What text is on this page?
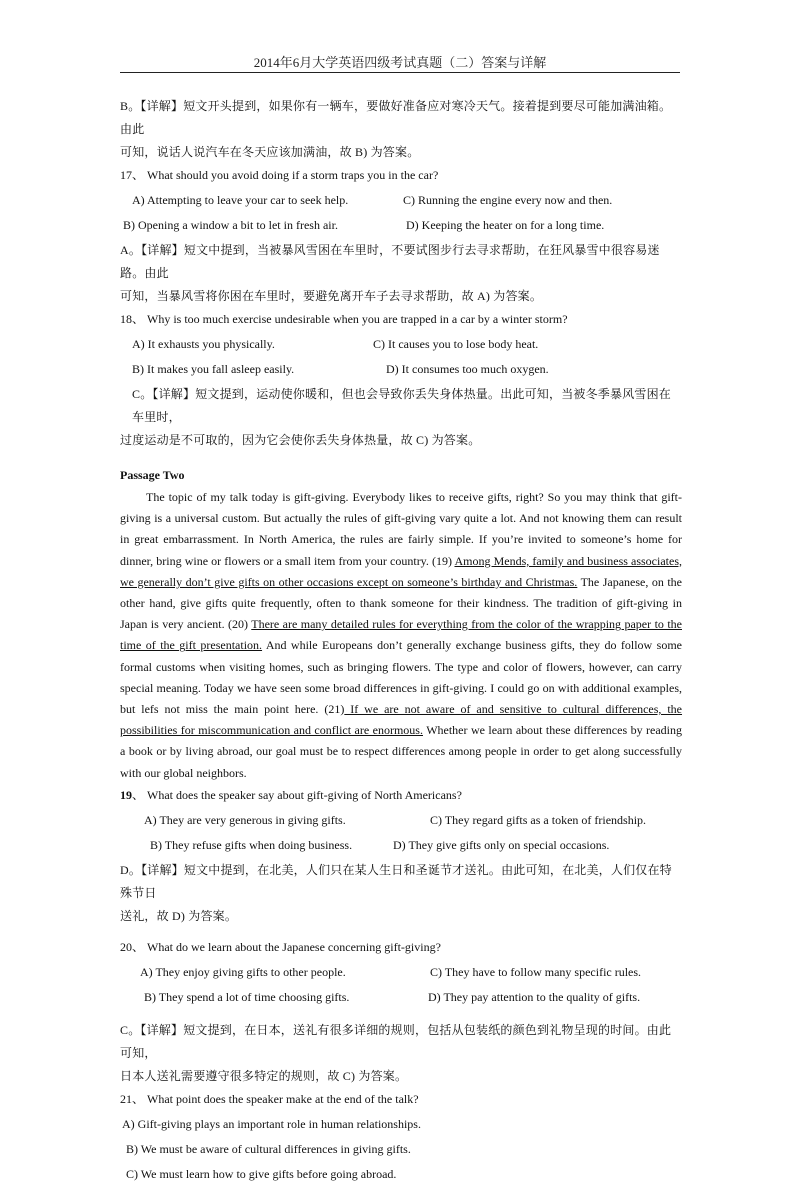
2014年6月大学英语四级考试真题（二）答案与详解

B。【详解】短文开头提到，如果你有一辆车，要做好准备应对寒冷天气。接着提到要尽可能加满油箱。 由此

可知，说话人说汽车在冬天应该加满油，故 B) 为答案。

17、 What should you avoid doing if a storm traps you in the car?

A) Attempting to leave your car to seek help.	C) Running the engine every now and then.
B) Opening a window a bit to let in fresh air.	D) Keeping the heater on for a long time.

A。【详解】短文中提到，当被暴风雪困在车里时，不要试图步行去寻求帮助，在狂风暴雪中很容易迷路。由此

可知，当暴风雪将你困在车里时，要避免离开车子去寻求帮助，故 A) 为答案。

18、 Why is too much exercise undesirable when you are trapped in a car by a winter storm?

A) It exhausts you physically.	C) It causes you to lose body heat.
B) It makes you fall asleep easily.	D) It consumes too much oxygen.

C。【详解】短文提到，运动使你暖和，但也会导致你丢失身体热量。出此可知，当被冬季暴风雪困在车里时，

过度运动是不可取的，因为它会使你丢失身体热量，故 C) 为答案。

Passage Two

The topic of my talk today is gift-giving. Everybody likes to receive gifts, right? So you may think that gift-giving is a universal custom. But actually the rules of gift-giving vary quite a lot. And not knowing them can result in great embarrassment. In North America, the rules are fairly simple. If you’re invited to someone’s home for dinner, bring wine or flowers or a small item from your country. (19) Among Mends, family and business associates, we generally don’t give gifts on other occasions except on someone’s birthday and Christmas. The Japanese, on the other hand, give gifts quite frequently, often to thank someone for their kindness. The tradition of gift-giving in Japan is very ancient. (20) There are many detailed rules for everything from the color of the wrapping paper to the time of the gift presentation. And while Europeans don’t generally exchange business gifts, they do follow some formal customs when visiting homes, such as bringing flowers. The type and color of flowers, however, can carry special meaning. Today we have seen some broad differences in gift-giving. I could go on with additional examples, but lefs not miss the main point here. (21) If we are not aware of and sensitive to cultural differences, the possibilities for miscommunication and conflict are enormous. Whether we learn about these differences by reading a book or by living abroad, our goal must be to respect differences among people in order to get along successfully with our global neighbors.

19、 What does the speaker say about gift-giving of North Americans?

A) They are very generous in giving gifts.	C) They regard gifts as a token of friendship.
B) They refuse gifts when doing business.	D) They give gifts only on special occasions.

D。【详解】短文中提到，在北美，人们只在某人生日和圣诞节才送礼。由此可知，在北美，人们仅在特殊节日

送礼，故 D) 为答案。

20、 What do we learn about the Japanese concerning gift-giving?

A) They enjoy giving gifts to other people.	C) They have to follow many specific rules.
B) They spend a lot of time choosing gifts.	D) They pay attention to the quality of gifts.

C。【详解】短文提到，在日本，送礼有很多详细的规则，包括从包装纸的颜色到礼物呈现的时间。由此可知，

日本人送礼需要遵守很多特定的规则，故 C) 为答案。

21、 What point does the speaker make at the end of the talk?

A) Gift-giving plays an important role in human relationships.
B) We must be aware of cultural differences in giving gifts.
C) We must learn how to give gifts before going abroad.
